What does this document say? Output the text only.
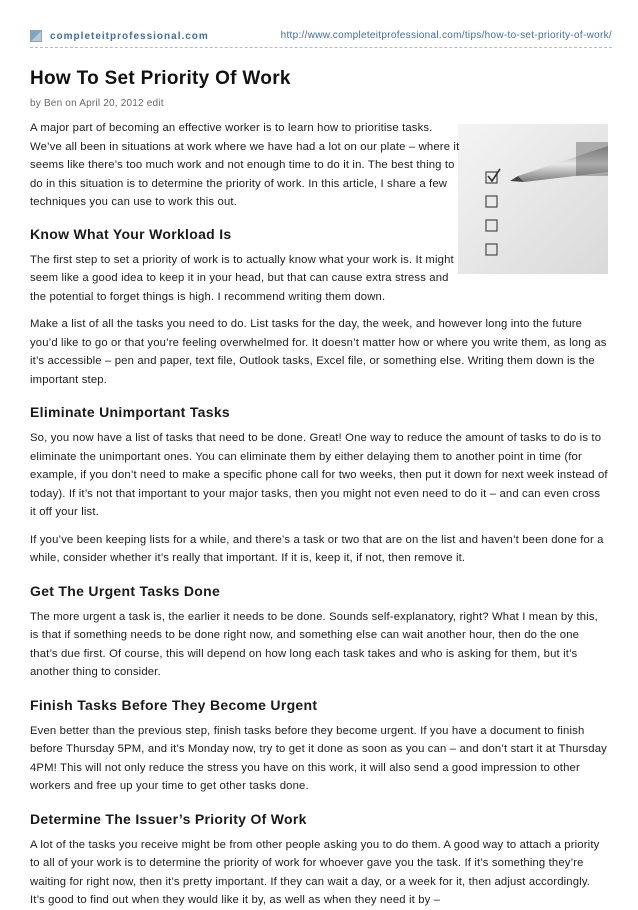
completeitprofessional.com	http://www.completeitprofessional.com/tips/how-to-set-priority-of-work/
How To Set Priority Of Work
by Ben on April 20, 2012 edit

A major part of becoming an effective worker is to learn how to prioritise tasks. We’ve all been in situations at work where we have had a lot on our plate – where it seems like there’s too much work and not enough time to do it in. The best thing to do in this situation is to determine the priority of work. In this article, I share a few techniques you can use to work this out.

Know What Your Workload Is

The first step to set a priority of work is to actually know what your work is. It might seem like a good idea to keep it in your head, but that can cause extra stress and the potential to forget things is high. I recommend writing them down.

Make a list of all the tasks you need to do. List tasks for the day, the week, and however long into the future you’d like to go or that you’re feeling overwhelmed for. It doesn’t matter how or where you write them, as long as it’s accessible – pen and paper, text file, Outlook tasks, Excel file, or something else. Writing them down is the important step.

Eliminate Unimportant Tasks

So, you now have a list of tasks that need to be done. Great! One way to reduce the amount of tasks to do is to eliminate the unimportant ones. You can eliminate them by either delaying them to another point in time (for example, if you don’t need to make a specific phone call for two weeks, then put it down for next week instead of today). If it’s not that important to your major tasks, then you might not even need to do it – and can even cross it off your list.

If you’ve been keeping lists for a while, and there’s a task or two that are on the list and haven’t been done for a while, consider whether it’s really that important. If it is, keep it, if not, then remove it.

Get The Urgent Tasks Done

The more urgent a task is, the earlier it needs to be done. Sounds self-explanatory, right? What I mean by this, is that if something needs to be done right now, and something else can wait another hour, then do the one that’s due first. Of course, this will depend on how long each task takes and who is asking for them, but it’s another thing to consider.

Finish Tasks Before They Become Urgent

Even better than the previous step, finish tasks before they become urgent. If you have a document to finish before Thursday 5PM, and it’s Monday now, try to get it done as soon as you can – and don’t start it at Thursday 4PM! This will not only reduce the stress you have on this work, it will also send a good impression to other workers and free up your time to get other tasks done.

Determine The Issuer’s Priority Of Work

A lot of the tasks you receive might be from other people asking you to do them. A good way to attach a priority to all of your work is to determine the priority of work for whoever gave you the task. If it’s something they’re waiting for right now, then it’s pretty important. If they can wait a day, or a week for it, then adjust accordingly. It’s good to find out when they would like it by, as well as when they need it by –
